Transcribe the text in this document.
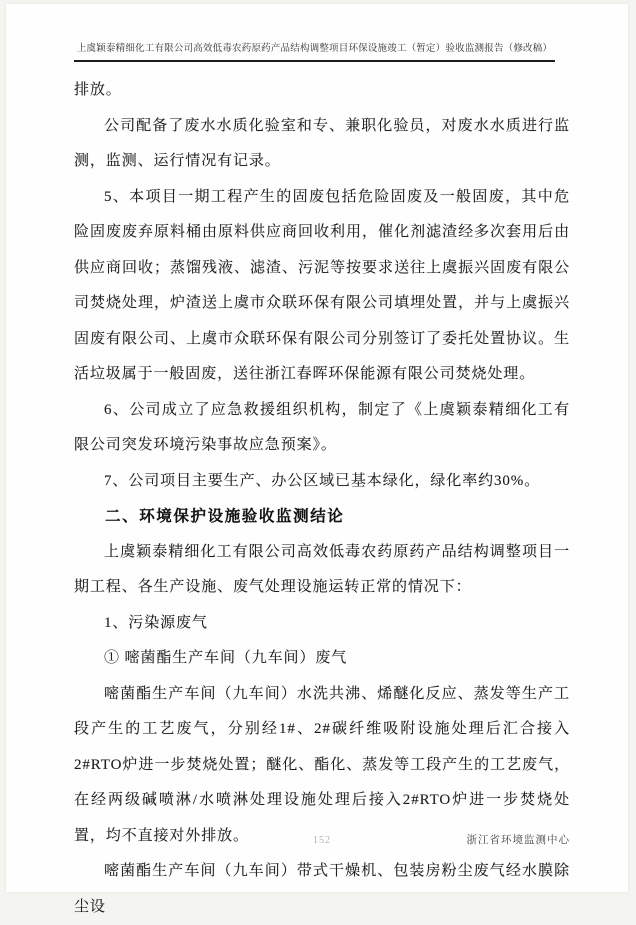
上虞颖泰精细化工有限公司高效低毒农药原药产品结构调整项目环保设施竣工（暂定）验收监测报告（修改稿）

排放。

公司配备了废水水质化验室和专、兼职化验员，对废水水质进行监测，监测、运行情况有记录。

5、本项目一期工程产生的固废包括危险固废及一般固废，其中危险固废废弃原料桶由原料供应商回收利用，催化剂滤渣经多次套用后由供应商回收；蒸馏残液、滤渣、污泥等按要求送往上虞振兴固废有限公司焚烧处理，炉渣送上虞市众联环保有限公司填埋处置，并与上虞振兴固废有限公司、上虞市众联环保有限公司分别签订了委托处置协议。生活垃圾属于一般固废，送往浙江春晖环保能源有限公司焚烧处理。

6、公司成立了应急救援组织机构，制定了《上虞颖泰精细化工有限公司突发环境污染事故应急预案》。

7、公司项目主要生产、办公区域已基本绿化，绿化率约30%。

二、环境保护设施验收监测结论

上虞颖泰精细化工有限公司高效低毒农药原药产品结构调整项目一期工程、各生产设施、废气处理设施运转正常的情况下：

1、污染源废气

① 嘧菌酯生产车间（九车间）废气

嘧菌酯生产车间（九车间）水洗共沸、烯醚化反应、蒸发等生产工段产生的工艺废气，分别经1#、2#碳纤维吸附设施处理后汇合接入2#RTO炉进一步焚烧处置；醚化、酯化、蒸发等工段产生的工艺废气，在经两级碱喷淋/水喷淋处理设施处理后接入2#RTO炉进一步焚烧处置，均不直接对外排放。

嘧菌酯生产车间（九车间）带式干燥机、包装房粉尘废气经水膜除尘设

152	浙江省环境监测中心
